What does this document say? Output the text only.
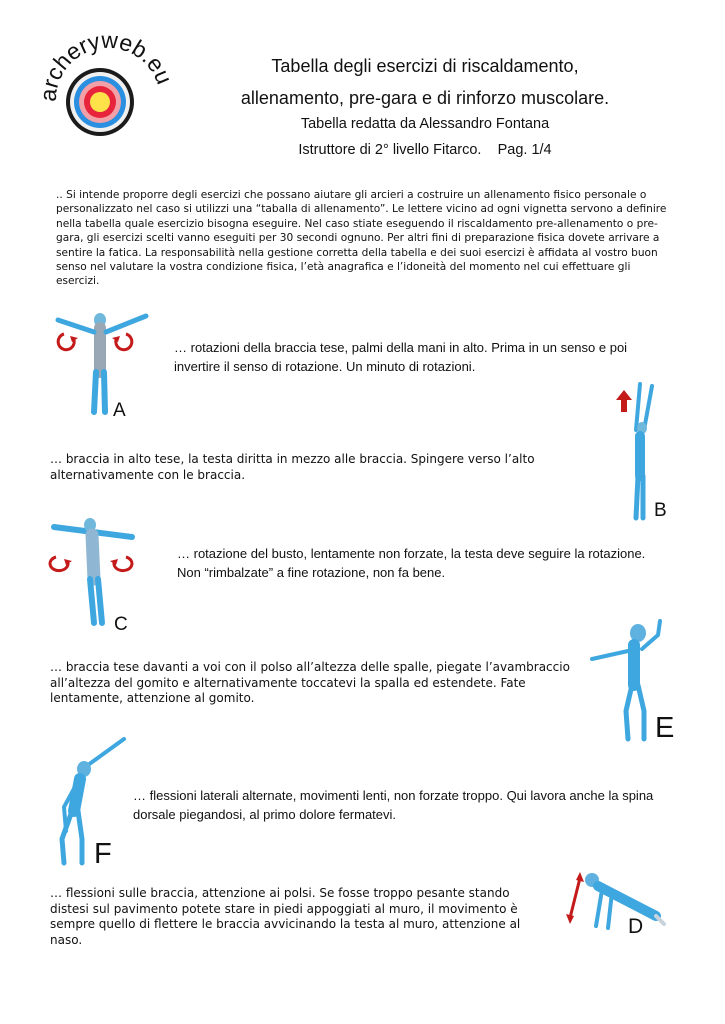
archeryweb.eu	Tabella degli esercizi di riscaldamento,
allenamento, pre-gara e di rinforzo muscolare.
Tabella redatta da Alessandro Fontana
Istruttore di 2° livello Fitarco. Pag. 1/4

.. Si intende proporre degli esercizi che possano aiutare gli arcieri a costruire un allenamento fisico personale o personalizzato nel caso si utilizzi una “taballa di allenamento”. Le lettere vicino ad ogni vignetta servono a definire nella tabella quale esercizio bisogna eseguire. Nel caso stiate eseguendo il riscaldamento pre-allenamento o pre-gara, gli esercizi scelti vanno eseguiti per 30 secondi ognuno. Per altri fini di preparazione fisica dovete arrivare a sentire la fatica. La responsabilità nella gestione corretta della tabella e dei suoi esercizi è affidata al vostro buon senso nel valutare la vostra condizione fisica, l’età anagrafica e l’idoneità del momento nel cui effettuare gli esercizi.

A

… rotazioni della braccia tese, palmi della mani in alto. Prima in un senso e poi invertire il senso di rotazione. Un minuto di rotazioni.

… braccia in alto tese, la testa diritta in mezzo alle braccia. Spingere verso l’alto alternativamente con le braccia.

B
C

… rotazione del busto, lentamente non forzate, la testa deve seguire la rotazione. Non “rimbalzate” a fine rotazione, non fa bene.

… braccia tese davanti a voi con il polso all’altezza delle spalle, piegate l’avambraccio all’altezza del gomito e alternativamente toccatevi la spalla ed estendete. Fate lentamente, attenzione al gomito.

E
F

… flessioni laterali alternate, movimenti lenti, non forzate troppo. Qui lavora anche la spina dorsale piegandosi, al primo dolore fermatevi.

… flessioni sulle braccia, attenzione ai polsi. Se fosse troppo pesante stando distesi sul pavimento potete stare in piedi appoggiati al muro, il movimento è sempre quello di flettere le braccia avvicinando la testa al muro, attenzione al naso.

D
